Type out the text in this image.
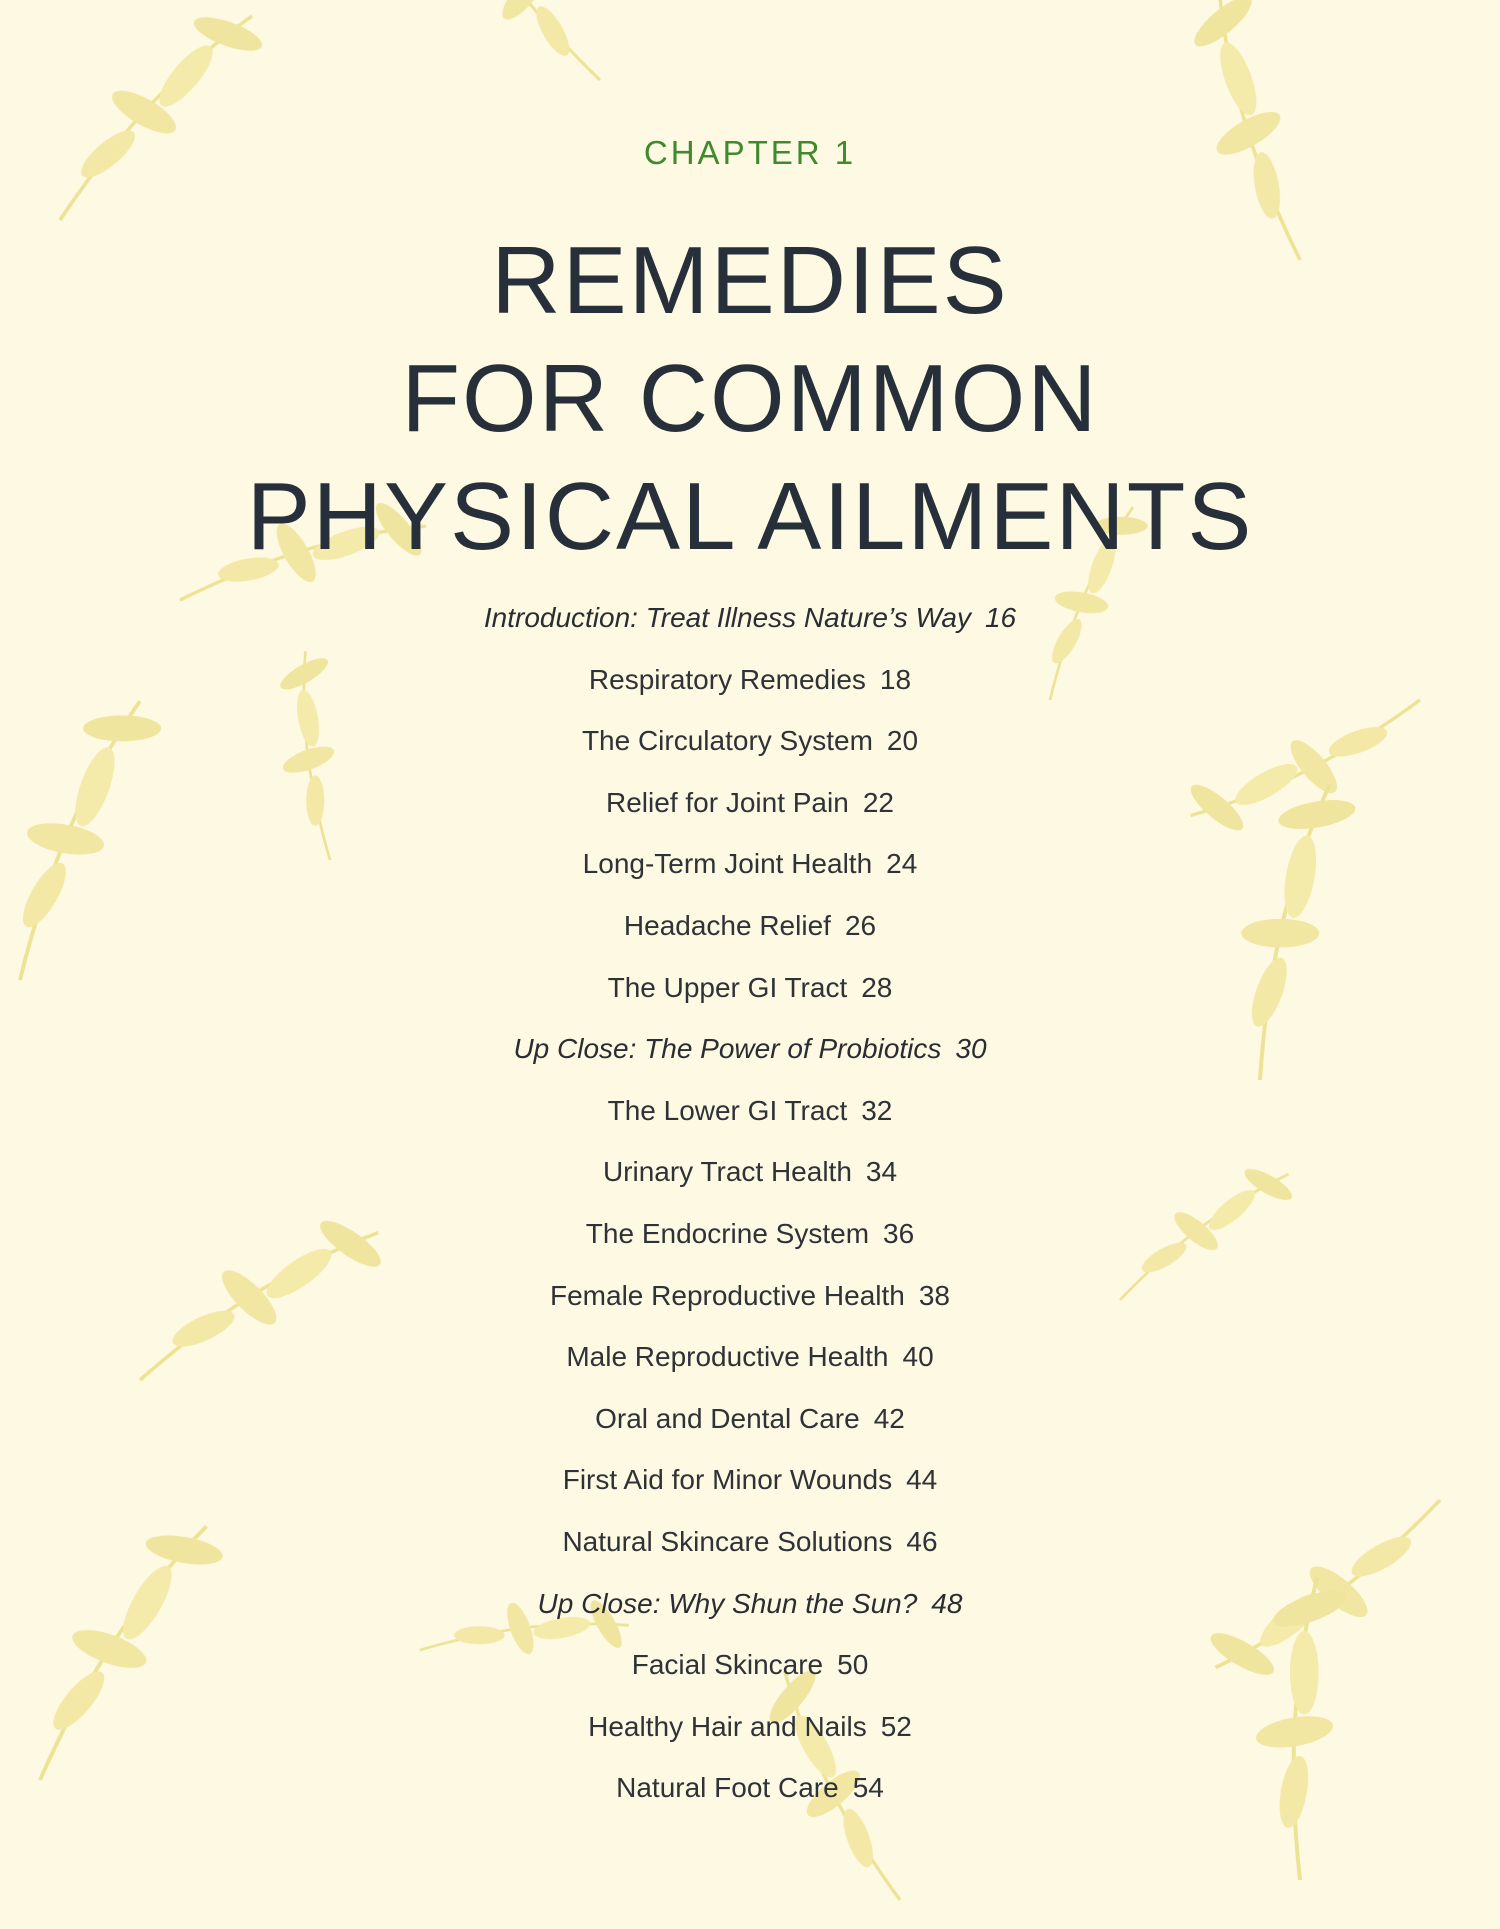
CHAPTER 1
REMEDIES
FOR COMMON
PHYSICAL AILMENTS
Introduction: Treat Illness Nature’s Way 16
Respiratory Remedies 18
The Circulatory System 20
Relief for Joint Pain 22
Long-Term Joint Health 24
Headache Relief 26
The Upper GI Tract 28
Up Close: The Power of Probiotics 30
The Lower GI Tract 32
Urinary Tract Health 34
The Endocrine System 36
Female Reproductive Health 38
Male Reproductive Health 40
Oral and Dental Care 42
First Aid for Minor Wounds 44
Natural Skincare Solutions 46
Up Close: Why Shun the Sun? 48
Facial Skincare 50
Healthy Hair and Nails 52
Natural Foot Care 54
